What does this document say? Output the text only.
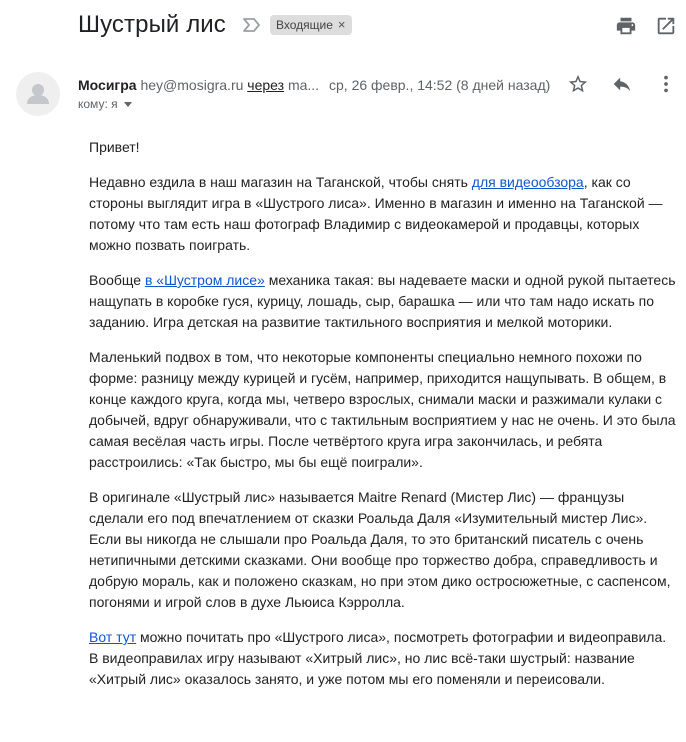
Шустрый лис	Входящие ×
Мосигра hey@mosigra.ru через ma... ср, 26 февр., 14:52 (8 дней назад)
кому: я

Привет!

Недавно ездила в наш магазин на Таганской, чтобы снять для видеообзора, как со стороны выглядит игра в «Шустрого лиса». Именно в магазин и именно на Таганской — потому что там есть наш фотограф Владимир с видеокамерой и продавцы, которых можно позвать поиграть.

Вообще в «Шустром лисе» механика такая: вы надеваете маски и одной рукой пытаетесь нащупать в коробке гуся, курицу, лошадь, сыр, барашка — или что там надо искать по заданию. Игра детская на развитие тактильного восприятия и мелкой моторики.

Маленький подвох в том, что некоторые компоненты специально немного похожи по форме: разницу между курицей и гусём, например, приходится нащупывать. В общем, в конце каждого круга, когда мы, четверо взрослых, снимали маски и разжимали кулаки с добычей, вдруг обнаруживали, что с тактильным восприятием у нас не очень. И это была самая весёлая часть игры. После четвёртого круга игра закончилась, и ребята расстроились: «Так быстро, мы бы ещё поиграли».

В оригинале «Шустрый лис» называется Maitre Renard (Мистер Лис) — французы сделали его под впечатлением от сказки Роальда Даля «Изумительный мистер Лис». Если вы никогда не слышали про Роальда Даля, то это британский писатель с очень нетипичными детскими сказками. Они вообще про торжество добра, справедливость и добрую мораль, как и положено сказкам, но при этом дико остросюжетные, с саспенсом, погонями и игрой слов в духе Льюиса Кэрролла.

Вот тут можно почитать про «Шустрого лиса», посмотреть фотографии и видеоправила. В видеоправилах игру называют «Хитрый лис», но лис всё-таки шустрый: название «Хитрый лис» оказалось занято, и уже потом мы его поменяли и переисовали.
